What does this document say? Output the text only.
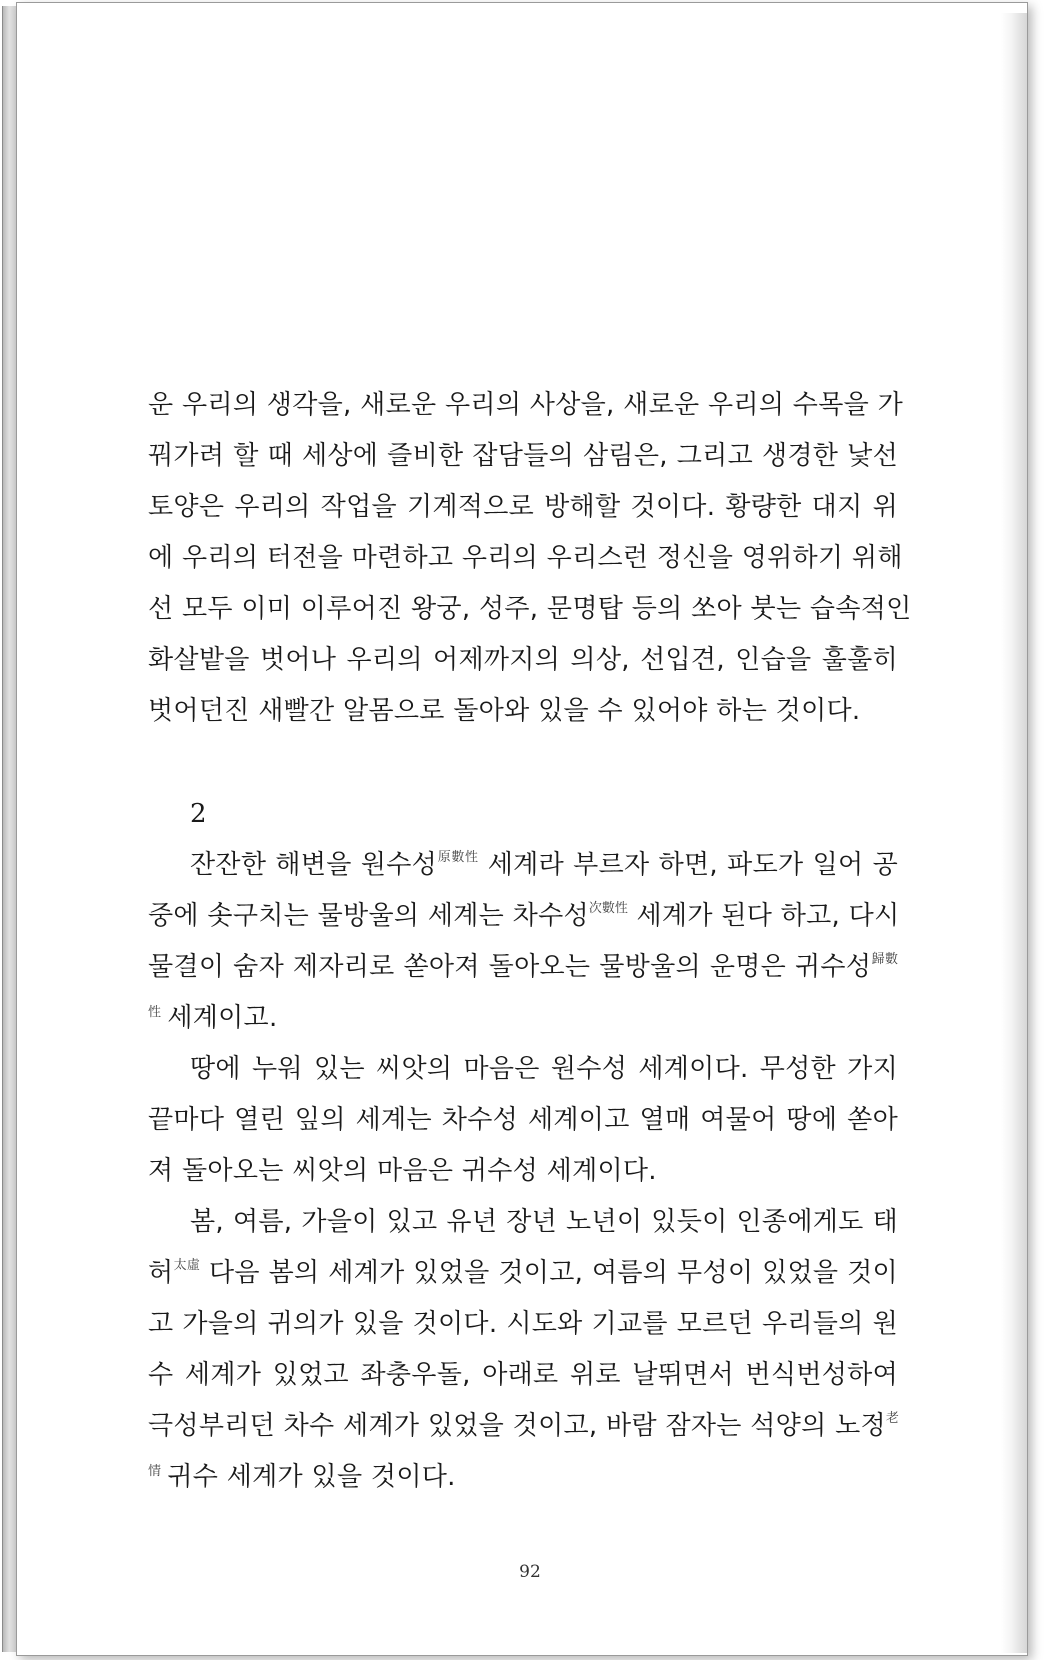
운 우리의 생각을, 새로운 우리의 사상을, 새로운 우리의 수목을 가
꿔가려 할 때 세상에 즐비한 잡담들의 삼림은, 그리고 생경한 낯선
토양은 우리의 작업을 기계적으로 방해할 것이다. 황량한 대지 위
에 우리의 터전을 마련하고 우리의 우리스런 정신을 영위하기 위해
선 모두 이미 이루어진 왕궁, 성주, 문명탑 등의 쏘아 붓는 습속적인
화살밭을 벗어나 우리의 어제까지의 의상, 선입견, 인습을 훌훌히
벗어던진 새빨간 알몸으로 돌아와 있을 수 있어야 하는 것이다.
2
잔잔한 해변을 원수성$^{原數性}$ 세계라 부르자 하면, 파도가 일어 공
중에 솟구치는 물방울의 세계는 차수성$^{次數性}$ 세계가 된다 하고, 다시
물결이 숨자 제자리로 쏟아져 돌아오는 물방울의 운명은 귀수성$^{歸數}$
$^性$ 세계이고.
땅에 누워 있는 씨앗의 마음은 원수성 세계이다. 무성한 가지
끝마다 열린 잎의 세계는 차수성 세계이고 열매 여물어 땅에 쏟아
져 돌아오는 씨앗의 마음은 귀수성 세계이다.
봄, 여름, 가을이 있고 유년 장년 노년이 있듯이 인종에게도 태
허$^{太虛}$ 다음 봄의 세계가 있었을 것이고, 여름의 무성이 있었을 것이
고 가을의 귀의가 있을 것이다. 시도와 기교를 모르던 우리들의 원
수 세계가 있었고 좌충우돌, 아래로 위로 날뛰면서 번식번성하여
극성부리던 차수 세계가 있었을 것이고, 바람 잠자는 석양의 노정$^老$
$^情$ 귀수 세계가 있을 것이다.
92
